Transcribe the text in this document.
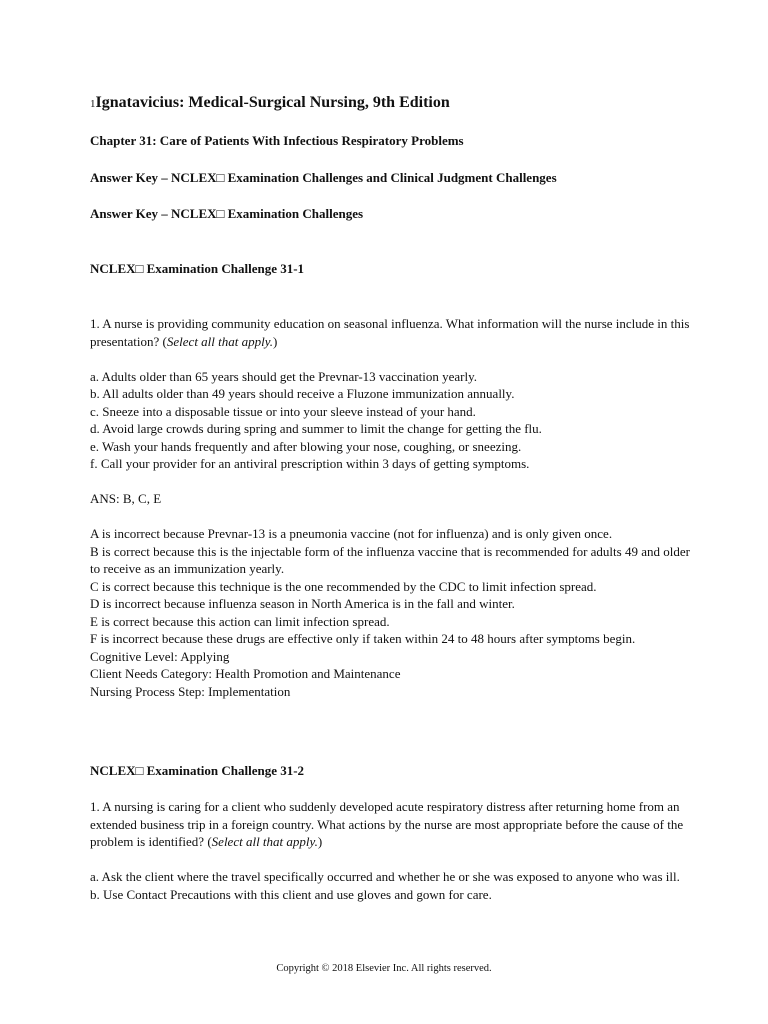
1Ignatavicius: Medical-Surgical Nursing, 9th Edition
Chapter 31: Care of Patients With Infectious Respiratory Problems
Answer Key – NCLEX□ Examination Challenges and Clinical Judgment Challenges
Answer Key – NCLEX□ Examination Challenges
NCLEX□ Examination Challenge 31-1

1. A nurse is providing community education on seasonal influenza. What information will the nurse include in this presentation? (Select all that apply.)

a. Adults older than 65 years should get the Prevnar-13 vaccination yearly.

b. All adults older than 49 years should receive a Fluzone immunization annually.

c. Sneeze into a disposable tissue or into your sleeve instead of your hand.

d. Avoid large crowds during spring and summer to limit the change for getting the flu.

e. Wash your hands frequently and after blowing your nose, coughing, or sneezing.

f. Call your provider for an antiviral prescription within 3 days of getting symptoms.

ANS: B, C, E

A is incorrect because Prevnar-13 is a pneumonia vaccine (not for influenza) and is only given once.

B is correct because this is the injectable form of the influenza vaccine that is recommended for adults 49 and older to receive as an immunization yearly.

C is correct because this technique is the one recommended by the CDC to limit infection spread.

D is incorrect because influenza season in North America is in the fall and winter.

E is correct because this action can limit infection spread.

F is incorrect because these drugs are effective only if taken within 24 to 48 hours after symptoms begin.

Cognitive Level: Applying

Client Needs Category: Health Promotion and Maintenance

Nursing Process Step: Implementation

NCLEX□ Examination Challenge 31-2

1. A nursing is caring for a client who suddenly developed acute respiratory distress after returning home from an extended business trip in a foreign country. What actions by the nurse are most appropriate before the cause of the problem is identified? (Select all that apply.)

a. Ask the client where the travel specifically occurred and whether he or she was exposed to anyone who was ill.

b. Use Contact Precautions with this client and use gloves and gown for care.

Copyright © 2018 Elsevier Inc. All rights reserved.
